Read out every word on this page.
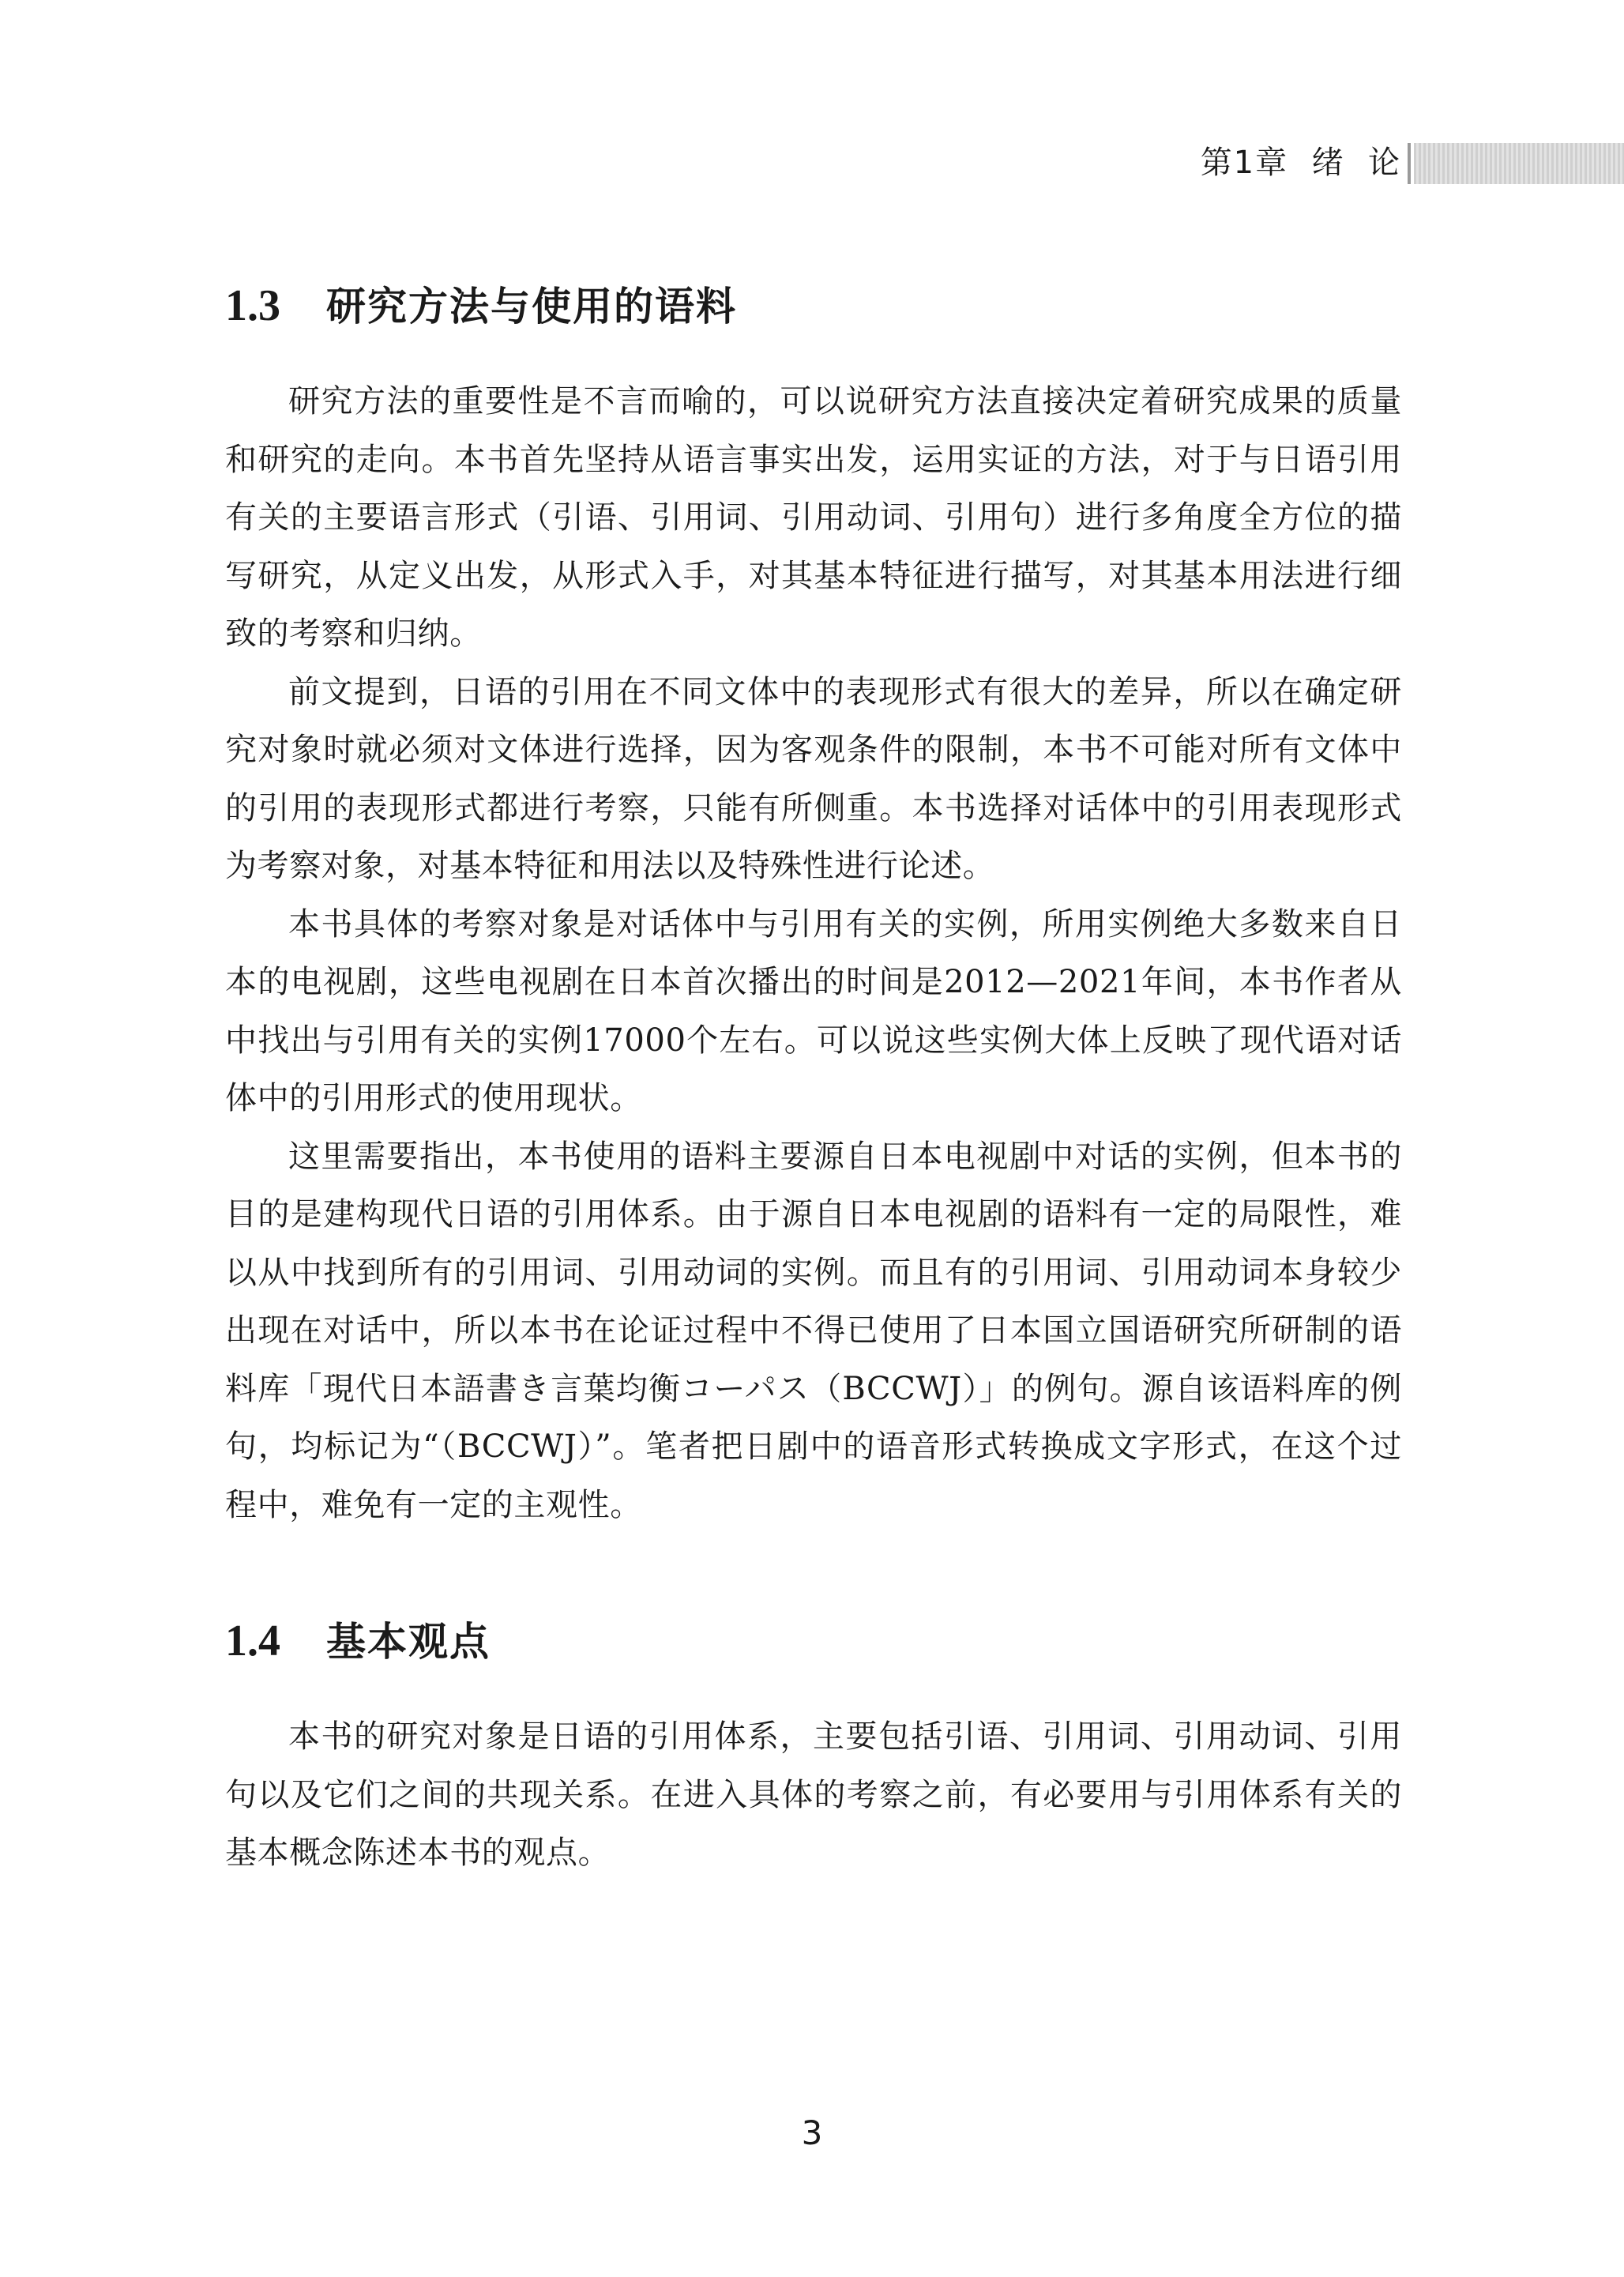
第1章  绪  论
1.3 研究方法与使用的语料

研究方法的重要性是不言而喻的，可以说研究方法直接决定着研究成果的质量和研究的走向。本书首先坚持从语言事实出发，运用实证的方法，对于与日语引用有关的主要语言形式（引语、引用词、引用动词、引用句）进行多角度全方位的描写研究，从定义出发，从形式入手，对其基本特征进行描写，对其基本用法进行细致的考察和归纳。

前文提到，日语的引用在不同文体中的表现形式有很大的差异，所以在确定研究对象时就必须对文体进行选择，因为客观条件的限制，本书不可能对所有文体中的引用的表现形式都进行考察，只能有所侧重。本书选择对话体中的引用表现形式为考察对象，对基本特征和用法以及特殊性进行论述。

本书具体的考察对象是对话体中与引用有关的实例，所用实例绝大多数来自日本的电视剧，这些电视剧在日本首次播出的时间是2012—2021年间，本书作者从中找出与引用有关的实例17000个左右。可以说这些实例大体上反映了现代语对话体中的引用形式的使用现状。

这里需要指出，本书使用的语料主要源自日本电视剧中对话的实例，但本书的目的是建构现代日语的引用体系。由于源自日本电视剧的语料有一定的局限性，难以从中找到所有的引用词、引用动词的实例。而且有的引用词、引用动词本身较少出现在对话中，所以本书在论证过程中不得已使用了日本国立国语研究所研制的语料库「現代日本語書き言葉均衡コーパス（BCCWJ）」的例句。源自该语料库的例句，均标记为“（BCCWJ）”。笔者把日剧中的语音形式转换成文字形式，在这个过程中，难免有一定的主观性。

1.4 基本观点

本书的研究对象是日语的引用体系，主要包括引语、引用词、引用动词、引用句以及它们之间的共现关系。在进入具体的考察之前，有必要用与引用体系有关的基本概念陈述本书的观点。

3
